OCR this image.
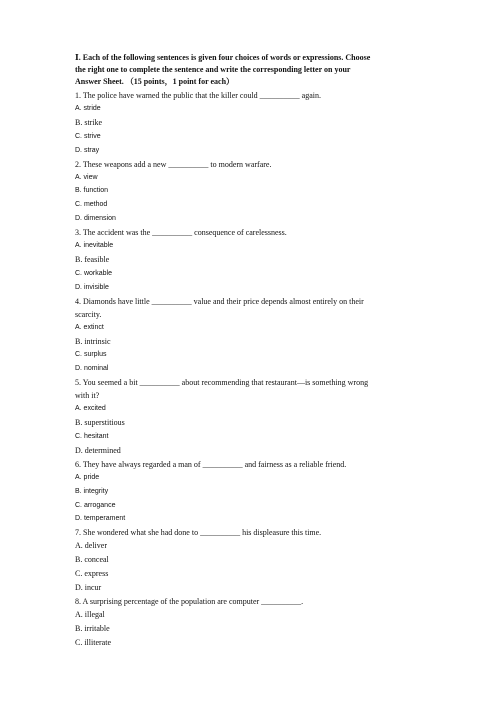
Ⅰ. Each of the following sentences is given four choices of words or expressions. Choose
the right one to complete the sentence and write the corresponding letter on your
Answer Sheet. （15 points，1 point for each）
1. The police have warned the public that the killer could __________ again.
A. stride
B. strike
C. strive
D. stray
2. These weapons add a new __________ to modern warfare.
A. view
B. function
C. method
D. dimension
3. The accident was the __________ consequence of carelessness.
A. inevitable
B. feasible
C. workable
D. invisible
4. Diamonds have little __________ value and their price depends almost entirely on their
scarcity.
A. extinct
B. intrinsic
C. surplus
D. nominal
5. You seemed a bit __________ about recommending that restaurant—is something wrong
with it?
A. excited
B. superstitious
C. hesitant
D. determined
6. They have always regarded a man of __________ and fairness as a reliable friend.
A. pride
B. integrity
C. arrogance
D. temperament
7. She wondered what she had done to __________ his displeasure this time.
A. deliver
B. conceal
C. express
D. incur
8. A surprising percentage of the population are computer __________.
A. illegal
B. irritable
C. illiterate
